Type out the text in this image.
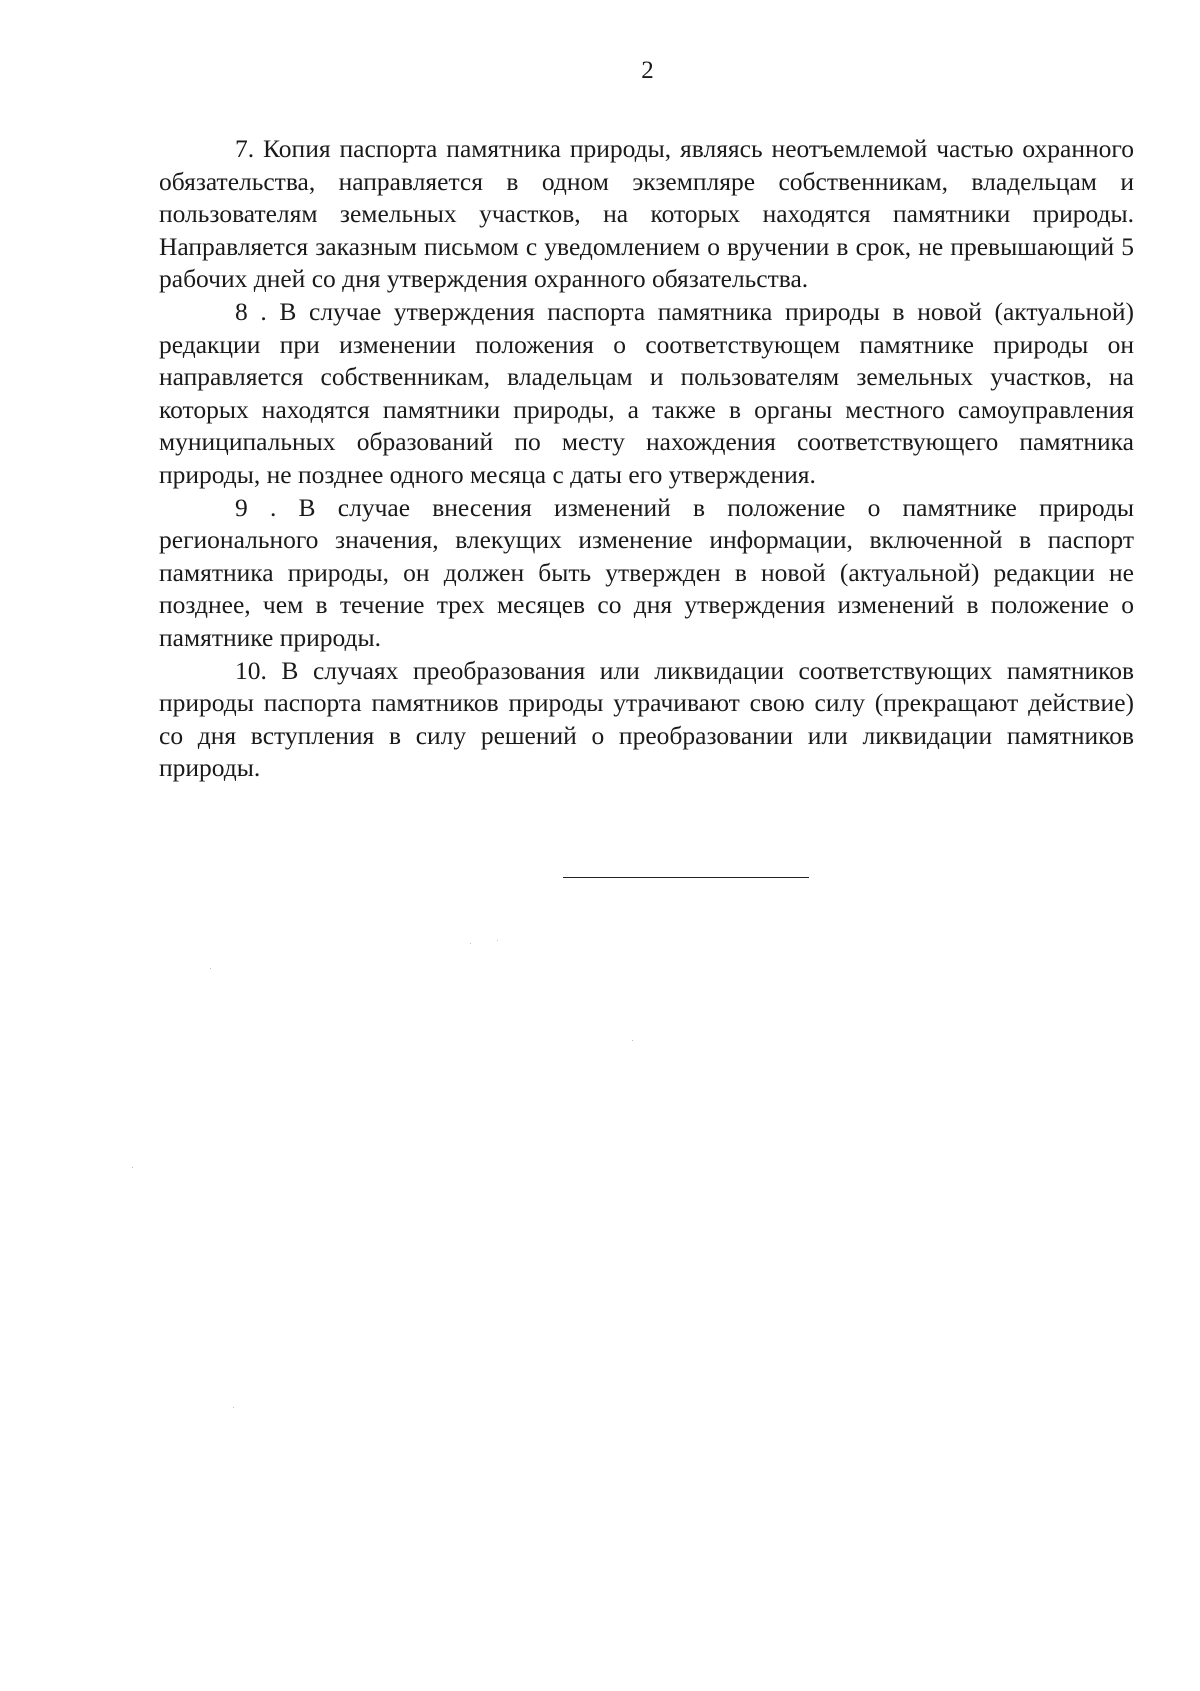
2

7. Копия паспорта памятника природы, являясь неотъемлемой частью охранного обязательства, направляется в одном экземпляре собственникам, владельцам и пользователям земельных участков, на которых находятся памятники природы. Направляется заказным письмом с уведомлением о вручении в срок, не превышающий 5 рабочих дней со дня утверждения охранного обязательства.

8 . В случае утверждения паспорта памятника природы в новой (актуальной) редакции при изменении положения о соответствующем памятнике природы он направляется собственникам, владельцам и пользователям земельных участков, на которых находятся памятники природы, а также в органы местного самоуправления муниципальных образований по месту нахождения соответствующего памятника природы, не позднее одного месяца с даты его утверждения.

9 . В случае внесения изменений в положение о памятнике природы регионального значения, влекущих изменение информации, включенной в паспорт памятника природы, он должен быть утвержден в новой (актуальной) редакции не позднее, чем в течение трех месяцев со дня утверждения изменений в положение о памятнике природы.

10. В случаях преобразования или ликвидации соответствующих памятников природы паспорта памятников природы утрачивают свою силу (прекращают действие) со дня вступления в силу решений о преобразовании или ликвидации памятников природы.
